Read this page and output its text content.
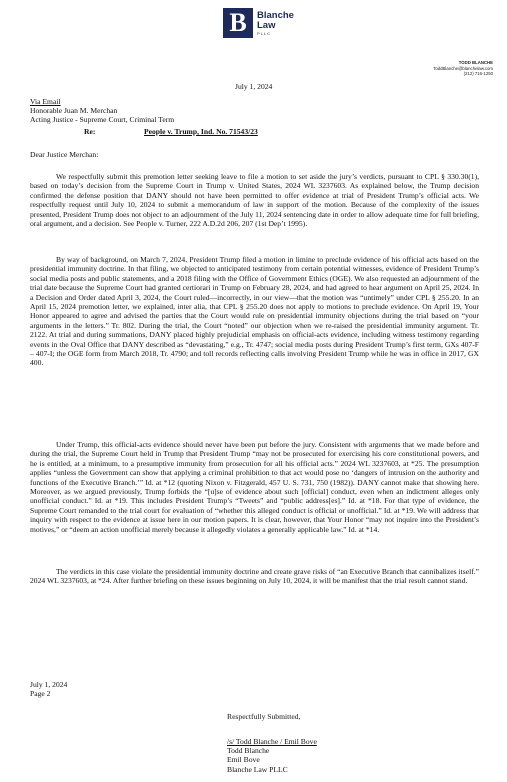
B	Blanche
Law
PLLC
TODD BLANCHE
ToddBlanche@blanchelaw.com
(212) 716-1250
July 1, 2024
Via Email
Honorable Juan M. Merchan
Acting Justice - Supreme Court, Criminal Term
Re:	People v. Trump, Ind. No. 71543/23
Dear Justice Merchan:

We respectfully submit this premotion letter seeking leave to file a motion to set aside the jury’s verdicts, pursuant to CPL § 330.30(1), based on today’s decision from the Supreme Court in Trump v. United States, 2024 WL 3237603. As explained below, the Trump decision confirmed the defense position that DANY should not have been permitted to offer evidence at trial of President Trump’s official acts. We respectfully request until July 10, 2024 to submit a memorandum of law in support of the motion. Because of the complexity of the issues presented, President Trump does not object to an adjournment of the July 11, 2024 sentencing date in order to allow adequate time for full briefing, oral argument, and a decision. See People v. Turner, 222 A.D.2d 206, 207 (1st Dep’t 1995).

By way of background, on March 7, 2024, President Trump filed a motion in limine to preclude evidence of his official acts based on the presidential immunity doctrine. In that filing, we objected to anticipated testimony from certain potential witnesses, evidence of President Trump’s social media posts and public statements, and a 2018 filing with the Office of Government Ethics (OGE). We also requested an adjournment of the trial date because the Supreme Court had granted certiorari in Trump on February 28, 2024, and had agreed to hear argument on April 25, 2024. In a Decision and Order dated April 3, 2024, the Court ruled—incorrectly, in our view—that the motion was “untimely” under CPL § 255.20. In an April 15, 2024 premotion letter, we explained, inter alia, that CPL § 255.20 does not apply to motions to preclude evidence. On April 19, Your Honor appeared to agree and advised the parties that the Court would rule on presidential immunity objections during the trial based on “your arguments in the letters.” Tr. 802. During the trial, the Court “noted” our objection when we re-raised the presidential immunity argument. Tr. 2122. At trial and during summations, DANY placed highly prejudicial emphasis on official-acts evidence, including witness testimony regarding events in the Oval Office that DANY described as “devastating,” e.g., Tr. 4747; social media posts during President Trump’s first term, GXs 407-F – 407-I; the OGE form from March 2018, Tr. 4790; and toll records reflecting calls involving President Trump while he was in office in 2017, GX 400.

Under Trump, this official-acts evidence should never have been put before the jury. Consistent with arguments that we made before and during the trial, the Supreme Court held in Trump that President Trump “may not be prosecuted for exercising his core constitutional powers, and he is entitled, at a minimum, to a presumptive immunity from prosecution for all his official acts.” 2024 WL 3237603, at *25. The presumption applies “unless the Government can show that applying a criminal prohibition to that act would pose no ‘dangers of intrusion on the authority and functions of the Executive Branch.’” Id. at *12 (quoting Nixon v. Fitzgerald, 457 U. S. 731, 750 (1982)). DANY cannot make that showing here. Moreover, as we argued previously, Trump forbids the “[u]se of evidence about such [official] conduct, even when an indictment alleges only unofficial conduct.” Id. at *19. This includes President Trump’s “Tweets” and “public address[es].” Id. at *18. For that type of evidence, the Supreme Court remanded to the trial court for evaluation of “whether this alleged conduct is official or unofficial.” Id. at *19. We will address that inquiry with respect to the evidence at issue here in our motion papers. It is clear, however, that Your Honor “may not inquire into the President’s motives,” or “deem an action unofficial merely because it allegedly violates a generally applicable law.” Id. at *14.

The verdicts in this case violate the presidential immunity doctrine and create grave risks of “an Executive Branch that cannibalizes itself.” 2024 WL 3237603, at *24. After further briefing on these issues beginning on July 10, 2024, it will be manifest that the trial result cannot stand.

July 1, 2024
Page 2
Respectfully Submitted,
/s/ Todd Blanche / Emil Bove
Todd Blanche
Emil Bove
Blanche Law PLLC
